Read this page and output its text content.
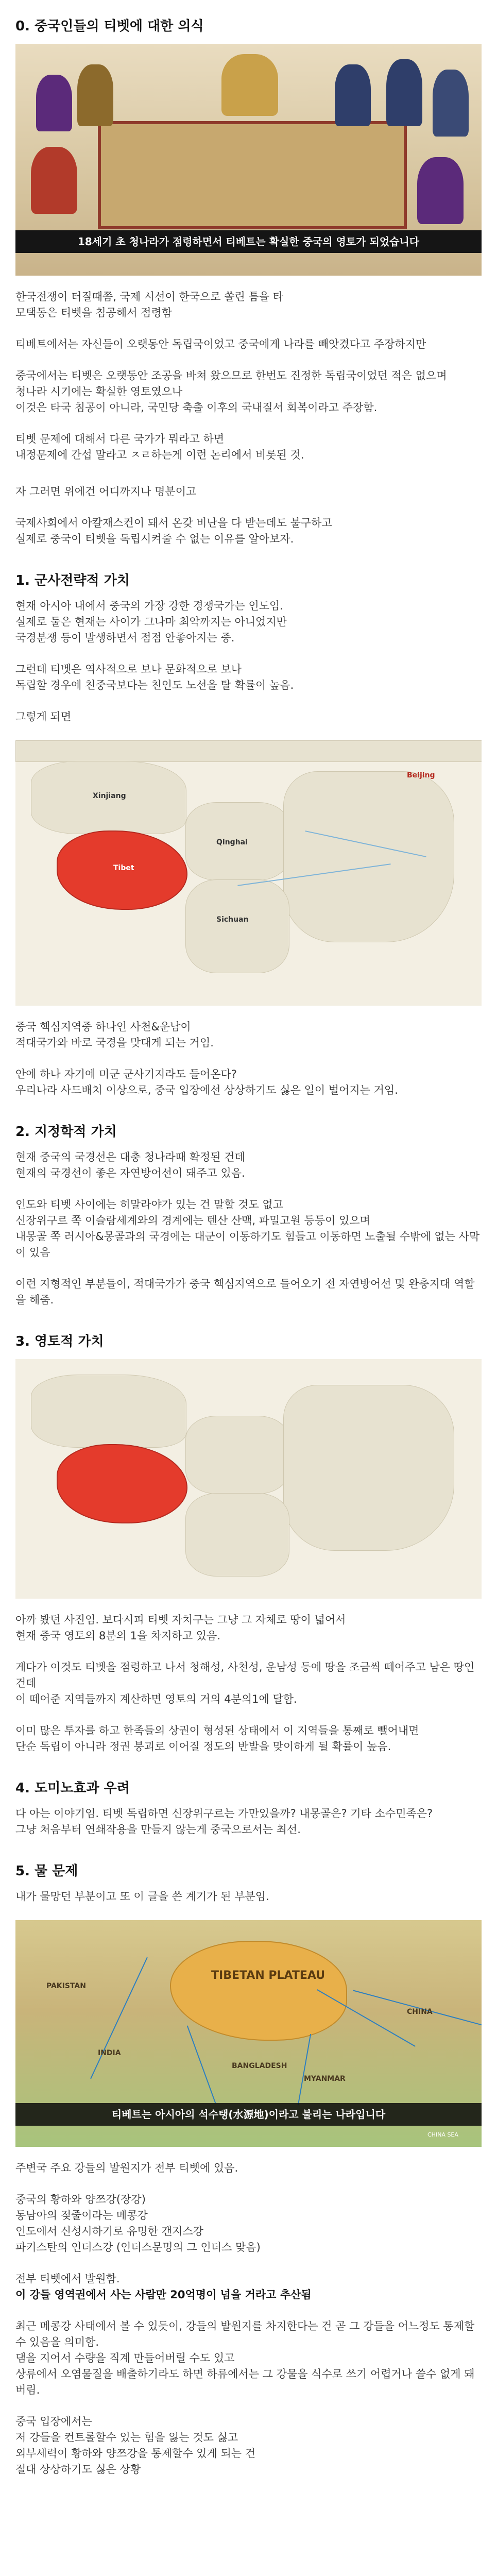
0. 중국인들의 티벳에 대한 의식
18세기 초 청나라가 점령하면서 티베트는 확실한 중국의 영토가 되었습니다

한국전쟁이 터질때쯤, 국제 시선이 한국으로 쏠린 틈을 타
모택동은 티벳을 침공해서 점령함

티베트에서는 자신들이 오랫동안 독립국이었고 중국에게 나라를 빼앗겼다고 주장하지만

중국에서는 티벳은 오랫동안 조공을 바쳐 왔으므로 한번도 진정한 독립국이었던 적은 없으며
청나라 시기에는 확실한 영토였으나
이것은 타국 침공이 아니라, 국민당 축출 이후의 국내질서 회복이라고 주장함.

티벳 문제에 대해서 다른 국가가 뭐라고 하면
내정문제에 간섭 말라고 ㅈㄹ하는게 이런 논리에서 비롯된 것.

자 그러면 위에건 어디까지나 명분이고

국제사회에서 아칼재스컨이 돼서 온갖 비난을 다 받는데도 불구하고
실제로 중국이 티벳을 독립시켜줄 수 없는 이유를 알아보자.

1. 군사전략적 가치

현재 아시아 내에서 중국의 가장 강한 경쟁국가는 인도임.
실제로 둘은 현재는 사이가 그나마 최악까지는 아니었지만
국경분쟁 등이 발생하면서 점점 안좋아지는 중.

그런데 티벳은 역사적으로 보나 문화적으로 보나
독립할 경우에 친중국보다는 친인도 노선을 탈 확률이 높음.

그렇게 되면

Xinjiang
Qinghai
Tibet
Sichuan
Beijing

중국 핵심지역중 하나인 사천&운남이
적대국가와 바로 국경을 맞대게 되는 거임.

안에 하나 자기에 미군 군사기지라도 들어온다?
우리나라 사드배치 이상으로, 중국 입장에선 상상하기도 싫은 일이 벌어지는 거임.

2. 지정학적 가치

현재 중국의 국경선은 대충 청나라때 확정된 건데
현재의 국경선이 좋은 자연방어선이 돼주고 있음.

인도와 티벳 사이에는 히말라야가 있는 건 말할 것도 없고
신장위구르 쪽 이슬람세계와의 경계에는 텐산 산맥, 파밀고원 등등이 있으며
내몽골 쪽 러시아&몽골과의 국경에는 대군이 이동하기도 힘들고 이동하면 노출될 수밖에 없는 사막이 있음

이런 지형적인 부분들이, 적대국가가 중국 핵심지역으로 들어오기 전 자연방어선 및 완충지대 역할을 해줌.

3. 영토적 가치

아까 봤던 사진임. 보다시피 티벳 자치구는 그냥 그 자체로 땅이 넓어서
현재 중국 영토의 8분의 1을 차지하고 있음.

게다가 이것도 티벳을 점령하고 나서 청해성, 사천성, 운남성 등에 땅을 조금씩 떼어주고 남은 땅인건데
이 떼어준 지역들까지 계산하면 영토의 거의 4분의1에 달함.

이미 많은 투자를 하고 한족들의 상권이 형성된 상태에서 이 지역들을 통째로 뺄어내면
단순 독립이 아니라 정권 붕괴로 이어질 정도의 반발을 맞이하게 될 확률이 높음.

4. 도미노효과 우려

다 아는 이야기임. 티벳 독립하면 신장위구르는 가만있을까? 내몽골은? 기타 소수민족은?
그냥 처음부터 연쇄작용을 만들지 않는게 중국으로서는 최선.

5. 물 문제

내가 물망던 부분이고 또 이 글을 쓴 계기가 된 부분임.

TIBETAN PLATEAU
PAKISTAN
INDIA
BANGLADESH
MYANMAR
CHINA
CHINA SEA
티베트는 아시아의 석수탱(水源地)이라고 불리는 나라입니다

주변국 주요 강들의 발원지가 전부 티벳에 있음.

중국의 황하와 양쯔강(장강)
동남아의 젖줄이라는 메콩강
인도에서 신성시하기로 유명한 갠지스강
파키스탄의 인더스강 (인더스문명의 그 인더스 맞음)

전부 티벳에서 발원함.

이 강들 영역권에서 사는 사람만 20억명이 넘을 거라고 추산됨

최근 메콩강 사태에서 볼 수 있듯이, 강들의 발원지를 차지한다는 건 곧 그 강들을 어느정도 통제할 수 있음을 의미함.
댐을 지어서 수량을 직계 만들어버릴 수도 있고
상류에서 오염물질을 배출하기라도 하면 하류에서는 그 강물을 식수로 쓰기 어렵거나 쓸수 없게 돼버림.

중국 입장에서는
저 강들을 컨트롤할수 있는 힘을 잃는 것도 싫고
외부세력이 황하와 양쯔강을 통제할수 있게 되는 건
절대 상상하기도 싫은 상황
